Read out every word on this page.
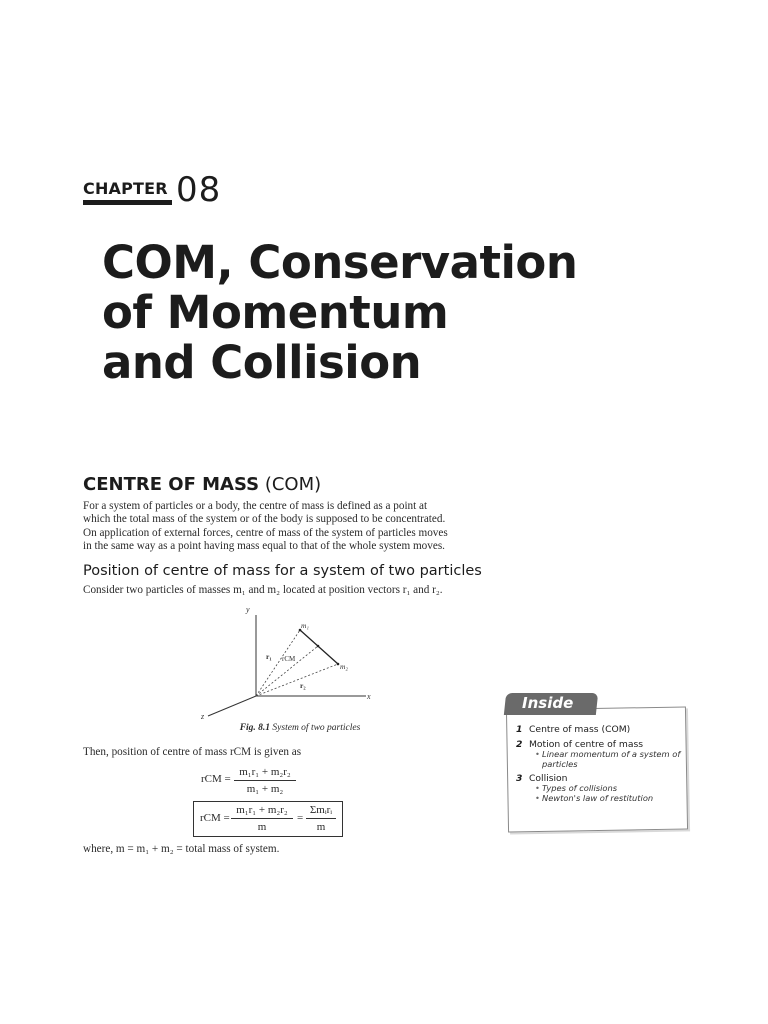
CHAPTER 08
COM, Conservation
of Momentum
and Collision
CENTRE OF MASS (COM)
For a system of particles or a body, the centre of mass is defined as a point at
which the total mass of the system or of the body is supposed to be concentrated.
On application of external forces, centre of mass of the system of particles moves
in the same way as a point having mass equal to that of the whole system moves.
Position of centre of mass for a system of two particles
Consider two particles of masses m₁ and m₂ located at position vectors r₁ and r₂.
y
x
z
m₁
m₂
r₁
r₂
rCM
Fig. 8.1 System of two particles
Then, position of centre of mass rCM is given as
rCM =
m₁r₁ + m₂r₂
m₁ + m₂
rCM =
m₁r₁ + m₂r₂
m
=
Σmᵢrᵢ
m
where, m = m₁ + m₂ = total mass of system.
Inside
1 Centre of mass (COM)
2 Motion of centre of mass
• Linear momentum of a system of particles
3 Collision
• Types of collisions
• Newton's law of restitution
